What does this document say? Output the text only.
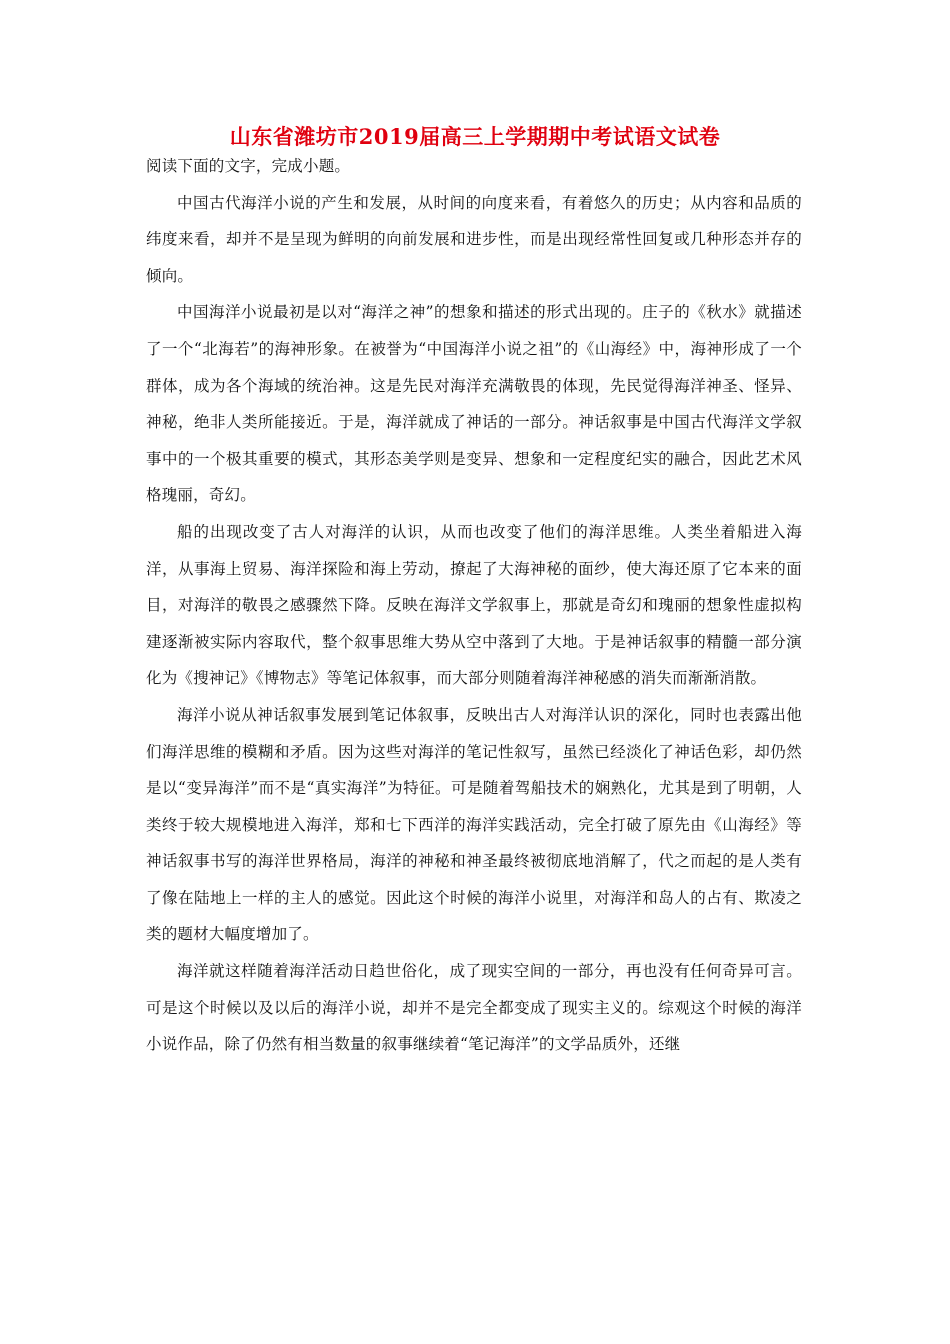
山东省潍坊市2019届高三上学期期中考试语文试卷

阅读下面的文字，完成小题。

中国古代海洋小说的产生和发展，从时间的向度来看，有着悠久的历史；从内容和品质的纬度来看，却并不是呈现为鲜明的向前发展和进步性，而是出现经常性回复或几种形态并存的倾向。

中国海洋小说最初是以对“海洋之神”的想象和描述的形式出现的。庄子的《秋水》就描述了一个“北海若”的海神形象。在被誉为“中国海洋小说之祖”的《山海经》中，海神形成了一个群体，成为各个海域的统治神。这是先民对海洋充满敬畏的体现，先民觉得海洋神圣、怪异、神秘，绝非人类所能接近。于是，海洋就成了神话的一部分。神话叙事是中国古代海洋文学叙事中的一个极其重要的模式，其形态美学则是变异、想象和一定程度纪实的融合，因此艺术风格瑰丽，奇幻。

船的出现改变了古人对海洋的认识，从而也改变了他们的海洋思维。人类坐着船进入海洋，从事海上贸易、海洋探险和海上劳动，撩起了大海神秘的面纱，使大海还原了它本来的面目，对海洋的敬畏之感骤然下降。反映在海洋文学叙事上，那就是奇幻和瑰丽的想象性虚拟构建逐渐被实际内容取代，整个叙事思维大势从空中落到了大地。于是神话叙事的精髓一部分演化为《搜神记》《博物志》等笔记体叙事，而大部分则随着海洋神秘感的消失而渐渐消散。

海洋小说从神话叙事发展到笔记体叙事，反映出古人对海洋认识的深化，同时也表露出他们海洋思维的模糊和矛盾。因为这些对海洋的笔记性叙写，虽然已经淡化了神话色彩，却仍然是以“变异海洋”而不是“真实海洋”为特征。可是随着驾船技术的娴熟化，尤其是到了明朝，人类终于较大规模地进入海洋，郑和七下西洋的海洋实践活动，完全打破了原先由《山海经》等神话叙事书写的海洋世界格局，海洋的神秘和神圣最终被彻底地消解了，代之而起的是人类有了像在陆地上一样的主人的感觉。因此这个时候的海洋小说里，对海洋和岛人的占有、欺凌之类的题材大幅度增加了。

海洋就这样随着海洋活动日趋世俗化，成了现实空间的一部分，再也没有任何奇异可言。可是这个时候以及以后的海洋小说，却并不是完全都变成了现实主义的。综观这个时候的海洋小说作品，除了仍然有相当数量的叙事继续着“笔记海洋”的文学品质外，还继
